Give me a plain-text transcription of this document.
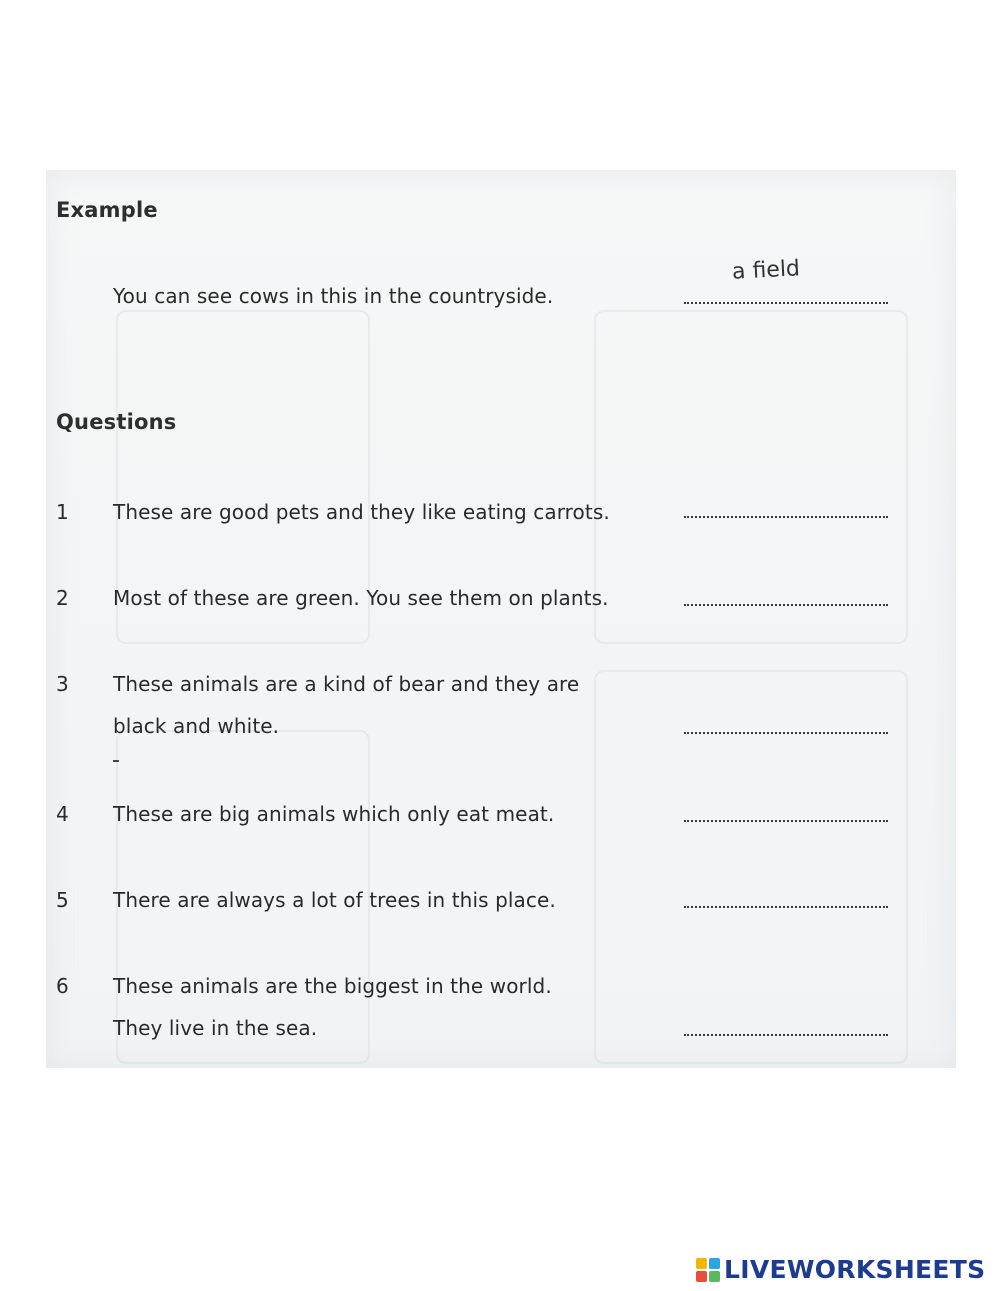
Example
You can see cows in this in the countryside.
a field
Questions
1 These are good pets and they like eating carrots.
2 Most of these are green. You see them on plants.
3 These animals are a kind of bear and they are
black and white.
4 These are big animals which only eat meat.
5 There are always a lot of trees in this place.
6 These animals are the biggest in the world.
They live in the sea.
LIVEWORKSHEETS
